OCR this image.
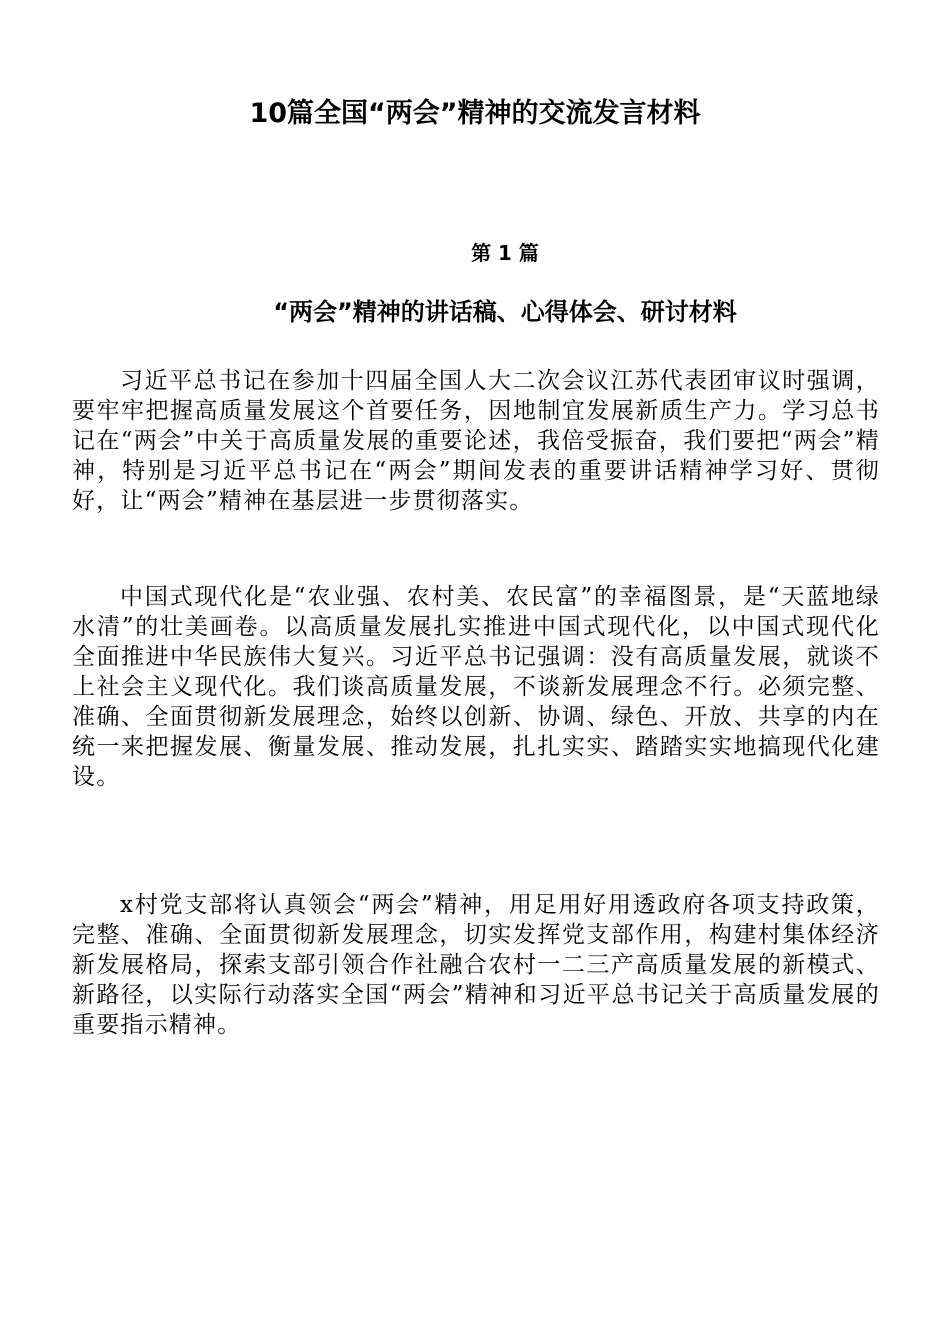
10篇全国“两会”精神的交流发言材料
第 1 篇
“两会”精神的讲话稿、心得体会、研讨材料

习近平总书记在参加十四届全国人大二次会议江苏代表团审议时强调，要牢牢把握高质量发展这个首要任务，因地制宜发展新质生产力。学习总书记在“两会”中关于高质量发展的重要论述，我倍受振奋，我们要把“两会”精神，特别是习近平总书记在“两会”期间发表的重要讲话精神学习好、贯彻好，让“两会”精神在基层进一步贯彻落实。

中国式现代化是“农业强、农村美、农民富”的幸福图景，是“天蓝地绿水清”的壮美画卷。以高质量发展扎实推进中国式现代化，以中国式现代化全面推进中华民族伟大复兴。习近平总书记强调：没有高质量发展，就谈不上社会主义现代化。我们谈高质量发展，不谈新发展理念不行。必须完整、准确、全面贯彻新发展理念，始终以创新、协调、绿色、开放、共享的内在统一来把握发展、衡量发展、推动发展，扎扎实实、踏踏实实地搞现代化建设。

x村党支部将认真领会“两会”精神，用足用好用透政府各项支持政策，完整、准确、全面贯彻新发展理念，切实发挥党支部作用，构建村集体经济新发展格局，探索支部引领合作社融合农村一二三产高质量发展的新模式、新路径，以实际行动落实全国“两会”精神和习近平总书记关于高质量发展的重要指示精神。
